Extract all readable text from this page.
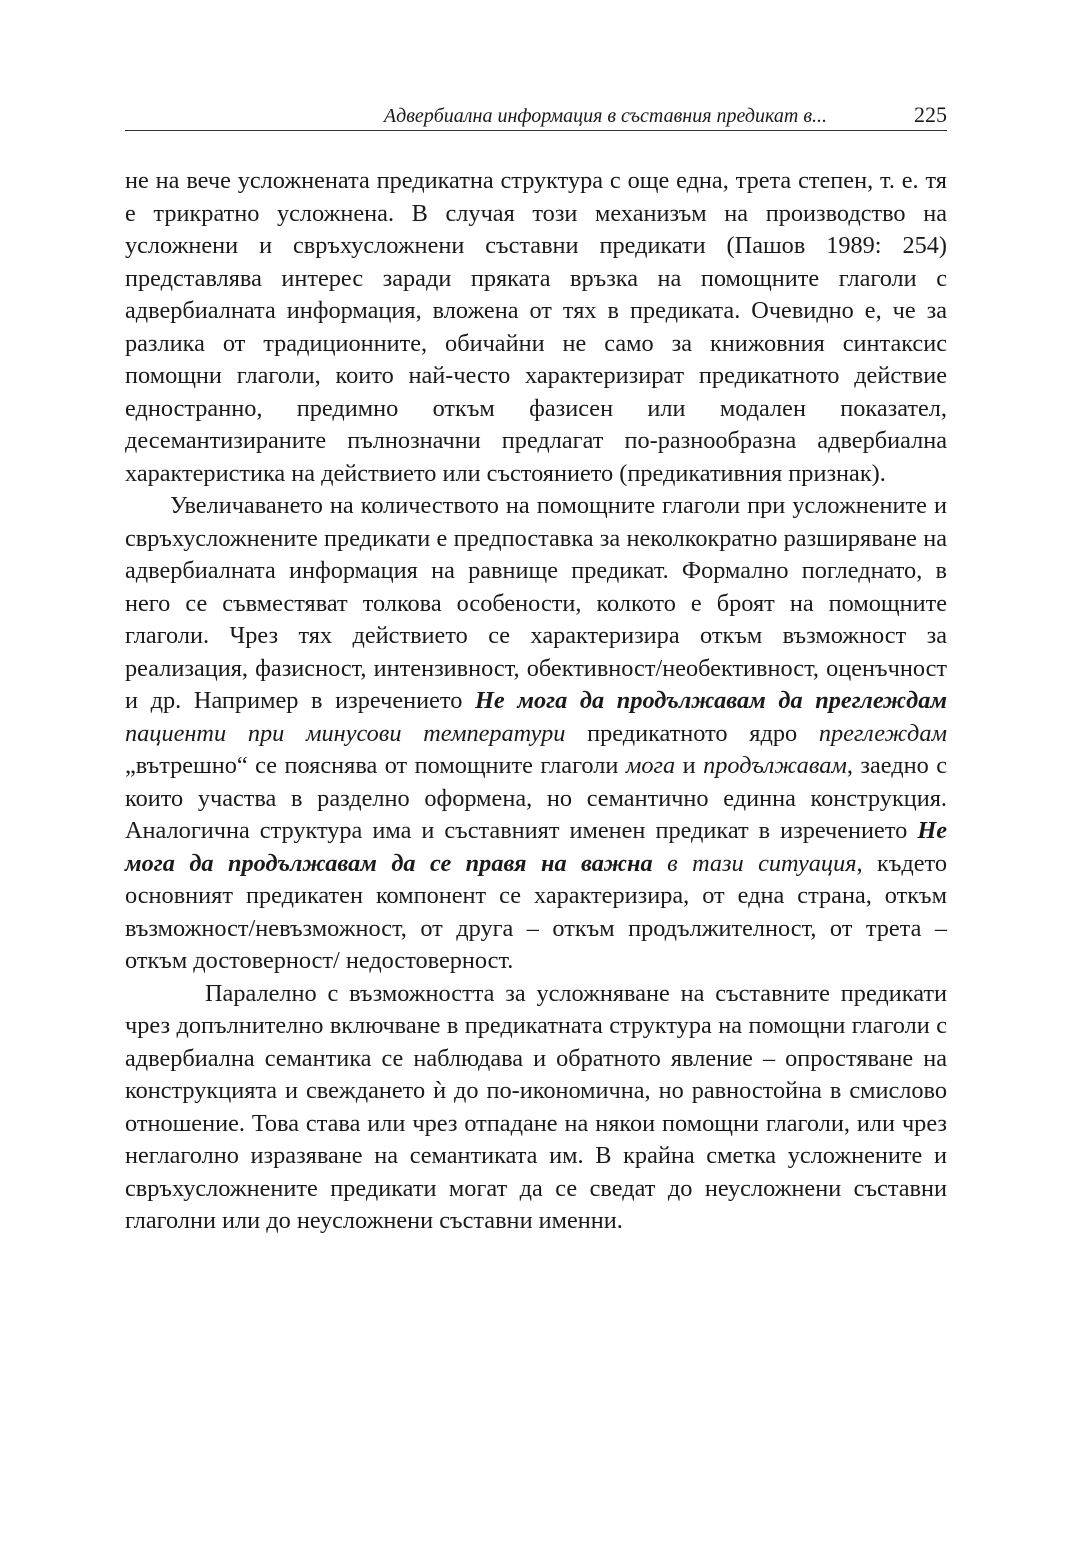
Адвербиална информация в съставния предикат в...	225

не на вече усложнената предикатна структура с още една, трета степен, т. е. тя е трикратно усложнена. В случая този механизъм на производство на усложнени и свръхусложнени съставни предикати (Пашов 1989: 254) представлява интерес заради пряката връзка на помощните глаголи с адвербиалната информация, вложена от тях в предиката. Очевидно е, че за разлика от традиционните, обичайни не само за книжовния синтаксис помощни глаголи, които най-често характеризират предикатното действие едностранно, предимно откъм фазисен или модален показател, десемантизираните пълнозначни предлагат по-разнообразна адвербиална характеристика на действието или състоянието (предикативния признак).

Увеличаването на количеството на помощните глаголи при усложнените и свръхусложнените предикати е предпоставка за неколкократно разширяване на адвербиалната информация на равнище предикат. Формално погледнато, в него се съвместяват толкова особености, колкото е броят на помощните глаголи. Чрез тях действието се характеризира откъм възможност за реализация, фазисност, интензивност, обективност/необективност, оценъчност и др. Например в изречението Не мога да продължавам да преглеждам пациенти при минусови температури предикатното ядро преглеждам „вътрешно“ се пояснява от помощните глаголи мога и продължавам, заедно с които участва в разделно оформена, но семантично единна конструкция. Аналогична структура има и съставният именен предикат в изречението Не мога да продължавам да се правя на важна в тази ситуация, където основният предикатен компонент се характеризира, от една страна, откъм възможност/невъзможност, от друга – откъм продължителност, от трета – откъм достоверност/ недостоверност.

Паралелно с възможността за усложняване на съставните предикати чрез допълнително включване в предикатната структура на помощни глаголи с адвербиална семантика се наблюдава и обратното явление – опростяване на конструкцията и свеждането ѝ до по-икономична, но равностойна в смислово отношение. Това става или чрез отпадане на някои помощни глаголи, или чрез неглаголно изразяване на семантиката им. В крайна сметка усложнените и свръхусложнените предикати могат да се сведат до неусложнени съставни глаголни или до неусложнени съставни именни.
